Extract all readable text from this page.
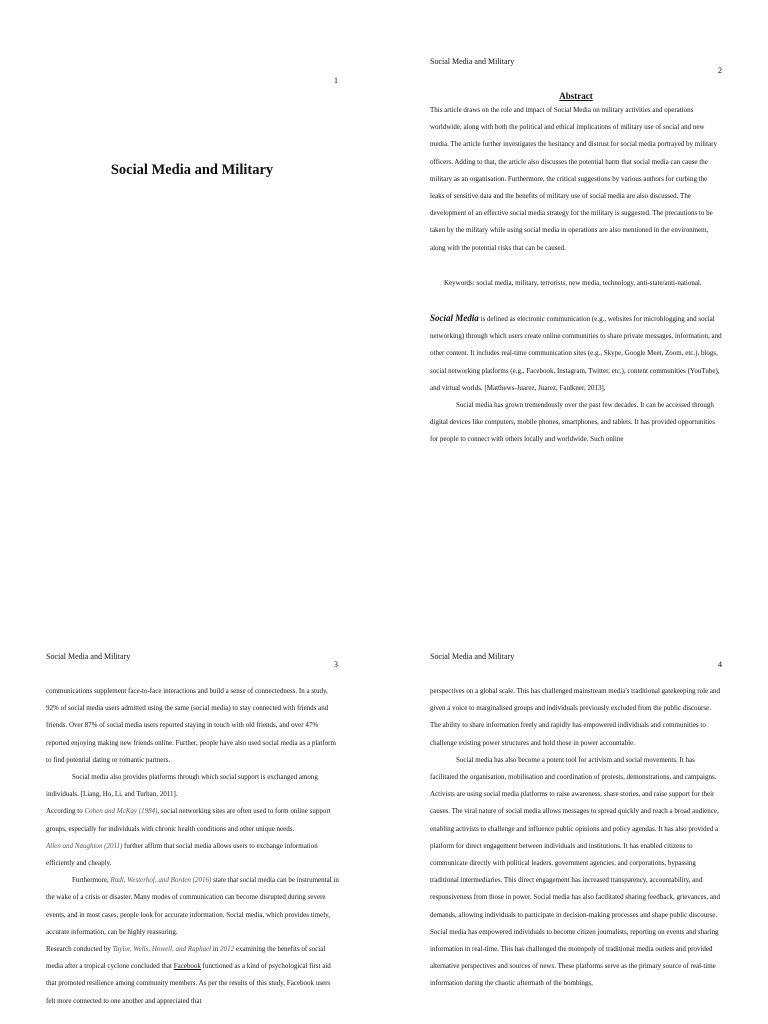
1
Social Media and Military
Social Media and Military
2
Abstract

This article draws on the role and impact of Social Media on military activities and operations worldwide, along with both the political and ethical implications of military use of social and new media. The article further investigates the hesitancy and distrust for social media portrayed by military officers. Adding to that, the article also discusses the potential harm that social media can cause the military as an organisation. Furthermore, the critical suggestions by various authors for curbing the leaks of sensitive data and the benefits of military use of social media are also discussed. The development of an effective social media strategy for the military is suggested. The precautions to be taken by the military while using social media in operations are also mentioned in the environment, along with the potential risks that can be caused.

Keywords: social media, military, terrorists, new media, technology, anti-state/anti-national.

Social Media is defined as electronic communication (e.g., websites for microblogging and social networking) through which users create online communities to share private messages, information, and other content. It includes real-time communication sites (e.g., Skype, Google Meet, Zoom, etc.), blogs, social networking platforms (e.g., Facebook, Instagram, Twitter, etc.), content communities (YouTube), and virtual worlds. [Matthews-Juarez, Juarez, Faulkner, 2013].

Social media has grown tremendously over the past few decades. It can be accessed through digital devices like computers, mobile phones, smartphones, and tablets. It has provided opportunities for people to connect with others locally and worldwide. Such online

Social Media and Military
3

communications supplement face-to-face interactions and build a sense of connectedness. In a study, 92% of social media users admitted using the same (social media) to stay connected with friends and friends. Over 87% of social media users reported staying in touch with old friends, and over 47% reported enjoying making new friends online. Further, people have also used social media as a platform to find potential dating or romantic partners.

Social media also provides platforms through which social support is exchanged among individuals. [Liang, Ho, Li, and Turban, 2011].

According to Cohen and McKay (1984), social networking sites are often used to form online support groups, especially for individuals with chronic health conditions and other unique needs.

Allen and Naughton (2011) further affirm that social media allows users to exchange information efficiently and cheaply.

Furthermore, Rudi, Westerhof, and Borden (2016) state that social media can be instrumental in the wake of a crisis or disaster. Many modes of communication can become disrupted during severe events, and in most cases, people look for accurate information. Social media, which provides timely, accurate information, can be highly reassuring.

Research conducted by Taylor, Wells, Howell, and Raphael in 2012 examining the benefits of social media after a tropical cyclone concluded that Facebook functioned as a kind of psychological first aid that promoted resilience among community members. As per the results of this study, Facebook users felt more connected to one another and appreciated that

Social Media and Military
4

perspectives on a global scale. This has challenged mainstream media's traditional gatekeeping role and given a voice to marginalised groups and individuals previously excluded from the public discourse.

The ability to share information freely and rapidly has empowered individuals and communities to challenge existing power structures and hold those in power accountable.

Social media has also become a potent tool for activism and social movements. It has facilitated the organisation, mobilisation and coordination of protests, demonstrations, and campaigns. Activists are using social media platforms to raise awareness, share stories, and raise support for their causes. The viral nature of social media allows messages to spread quickly and reach a broad audience, enabling activists to challenge and influence public opinions and policy agendas. It has also provided a platform for direct engagement between individuals and institutions. It has enabled citizens to communicate directly with political leaders, government agencies, and corporations, bypassing traditional intermediaries. This direct engagement has increased transparency, accountability, and responsiveness from those in power. Social media has also facilitated sharing feedback, grievances, and demands, allowing individuals to participate in decision-making processes and shape public discourse. Social media has empowered individuals to become citizen journalists, reporting on events and sharing information in real-time. This has challenged the monopoly of traditional media outlets and provided alternative perspectives and sources of news. These platforms serve as the primary source of real-time information during the chaotic aftermath of the bombings,
